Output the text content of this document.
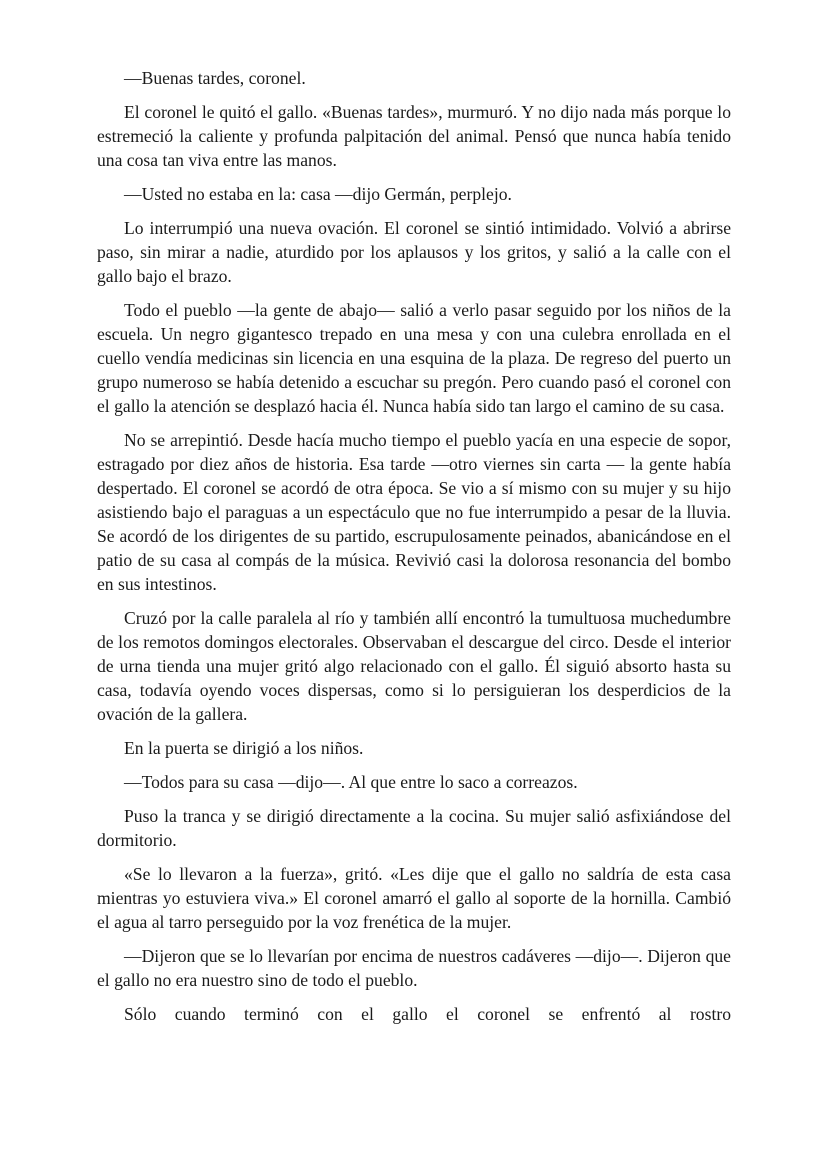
—Buenas tardes, coronel.

El coronel le quitó el gallo. «Buenas tardes», murmuró. Y no dijo nada más porque lo estremeció la caliente y profunda palpitación del animal. Pensó que nunca había tenido una cosa tan viva entre las manos.

—Usted no estaba en la: casa —dijo Germán, perplejo.

Lo interrumpió una nueva ovación. El coronel se sintió intimidado. Volvió a abrirse paso, sin mirar a nadie, aturdido por los aplausos y los gritos, y salió a la calle con el gallo bajo el brazo.

Todo el pueblo —la gente de abajo— salió a verlo pasar seguido por los niños de la escuela. Un negro gigantesco trepado en una mesa y con una culebra enrollada en el cuello vendía medicinas sin licencia en una esquina de la plaza. De regreso del puerto un grupo numeroso se había detenido a escuchar su pregón. Pero cuando pasó el coronel con el gallo la atención se desplazó hacia él. Nunca había sido tan largo el camino de su casa.

No se arrepintió. Desde hacía mucho tiempo el pueblo yacía en una especie de sopor, estragado por diez años de historia. Esa tarde —otro viernes sin carta — la gente había despertado. El coronel se acordó de otra época. Se vio a sí mismo con su mujer y su hijo asistiendo bajo el paraguas a un espectáculo que no fue interrumpido a pesar de la lluvia. Se acordó de los dirigentes de su partido, escrupulosamente peinados, abanicándose en el patio de su casa al compás de la música. Revivió casi la dolorosa resonancia del bombo en sus intestinos.

Cruzó por la calle paralela al río y también allí encontró la tumultuosa muchedumbre de los remotos domingos electorales. Observaban el descargue del circo. Desde el interior de urna tienda una mujer gritó algo relacionado con el gallo. Él siguió absorto hasta su casa, todavía oyendo voces dispersas, como si lo persiguieran los desperdicios de la ovación de la gallera.

En la puerta se dirigió a los niños.

—Todos para su casa —dijo—. Al que entre lo saco a correazos.

Puso la tranca y se dirigió directamente a la cocina. Su mujer salió asfixiándose del dormitorio.

«Se lo llevaron a la fuerza», gritó. «Les dije que el gallo no saldría de esta casa mientras yo estuviera viva.» El coronel amarró el gallo al soporte de la hornilla. Cambió el agua al tarro perseguido por la voz frenética de la mujer.

—Dijeron que se lo llevarían por encima de nuestros cadáveres —dijo—. Dijeron que el gallo no era nuestro sino de todo el pueblo.

Sólo cuando terminó con el gallo el coronel se enfrentó al rostro
